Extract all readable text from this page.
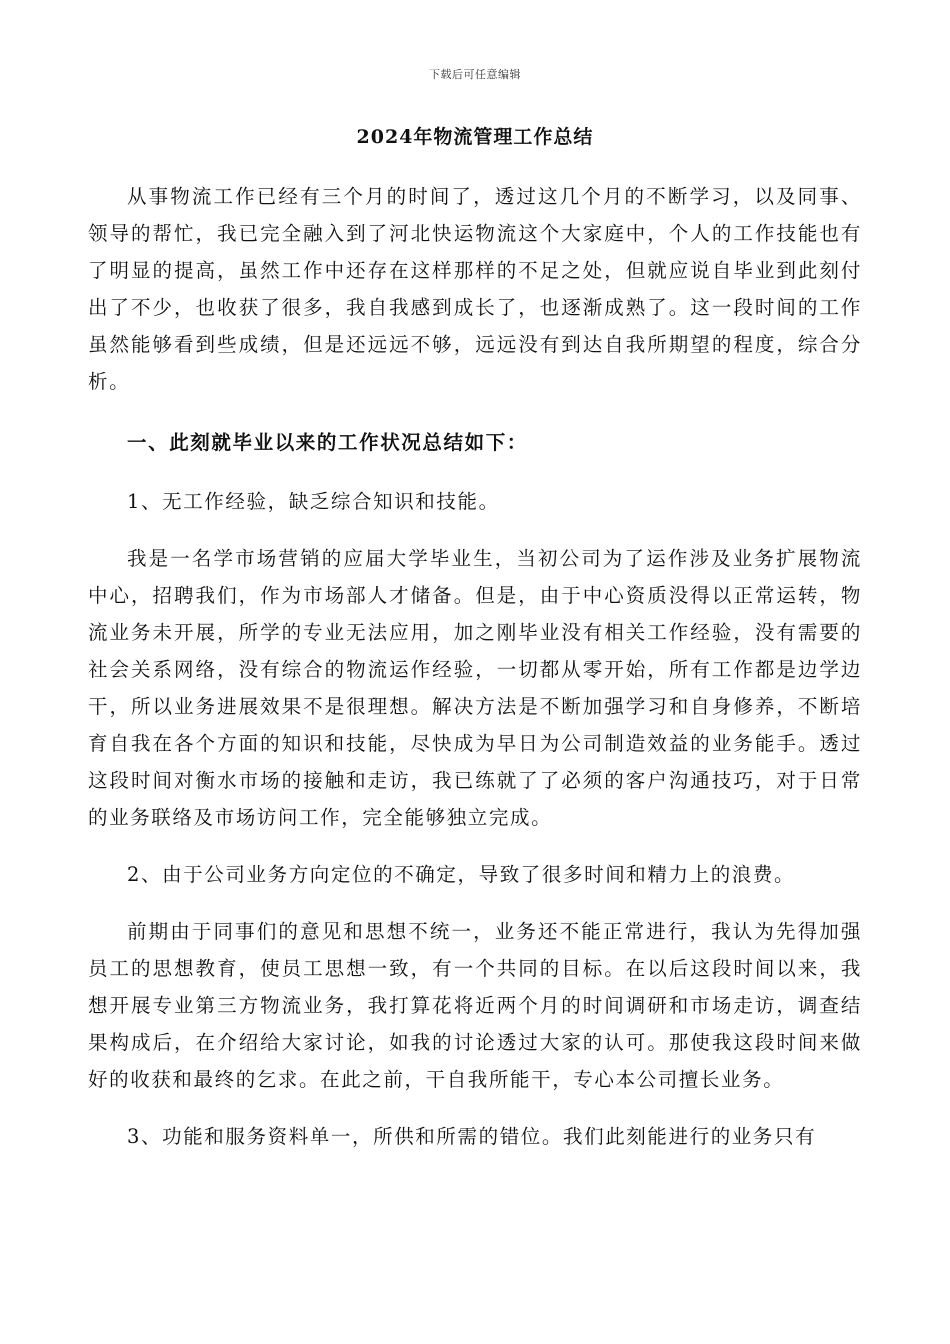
下载后可任意编辑
2024年物流管理工作总结

从事物流工作已经有三个月的时间了，透过这几个月的不断学习，以及同事、领导的帮忙，我已完全融入到了河北快运物流这个大家庭中，个人的工作技能也有了明显的提高，虽然工作中还存在这样那样的不足之处，但就应说自毕业到此刻付出了不少，也收获了很多，我自我感到成长了，也逐渐成熟了。这一段时间的工作虽然能够看到些成绩，但是还远远不够，远远没有到达自我所期望的程度，综合分析。

一、此刻就毕业以来的工作状况总结如下：

1、无工作经验，缺乏综合知识和技能。

我是一名学市场营销的应届大学毕业生，当初公司为了运作涉及业务扩展物流中心，招聘我们，作为市场部人才储备。但是，由于中心资质没得以正常运转，物流业务未开展，所学的专业无法应用，加之刚毕业没有相关工作经验，没有需要的社会关系网络，没有综合的物流运作经验，一切都从零开始，所有工作都是边学边干，所以业务进展效果不是很理想。解决方法是不断加强学习和自身修养，不断培育自我在各个方面的知识和技能，尽快成为早日为公司制造效益的业务能手。透过这段时间对衡水市场的接触和走访，我已练就了了必须的客户沟通技巧，对于日常的业务联络及市场访问工作，完全能够独立完成。

2、由于公司业务方向定位的不确定，导致了很多时间和精力上的浪费。

前期由于同事们的意见和思想不统一，业务还不能正常进行，我认为先得加强员工的思想教育，使员工思想一致，有一个共同的目标。在以后这段时间以来，我想开展专业第三方物流业务，我打算花将近两个月的时间调研和市场走访，调查结果构成后，在介绍给大家讨论，如我的讨论透过大家的认可。那使我这段时间来做好的收获和最终的乞求。在此之前，干自我所能干，专心本公司擅长业务。

3、功能和服务资料单一，所供和所需的错位。我们此刻能进行的业务只有
